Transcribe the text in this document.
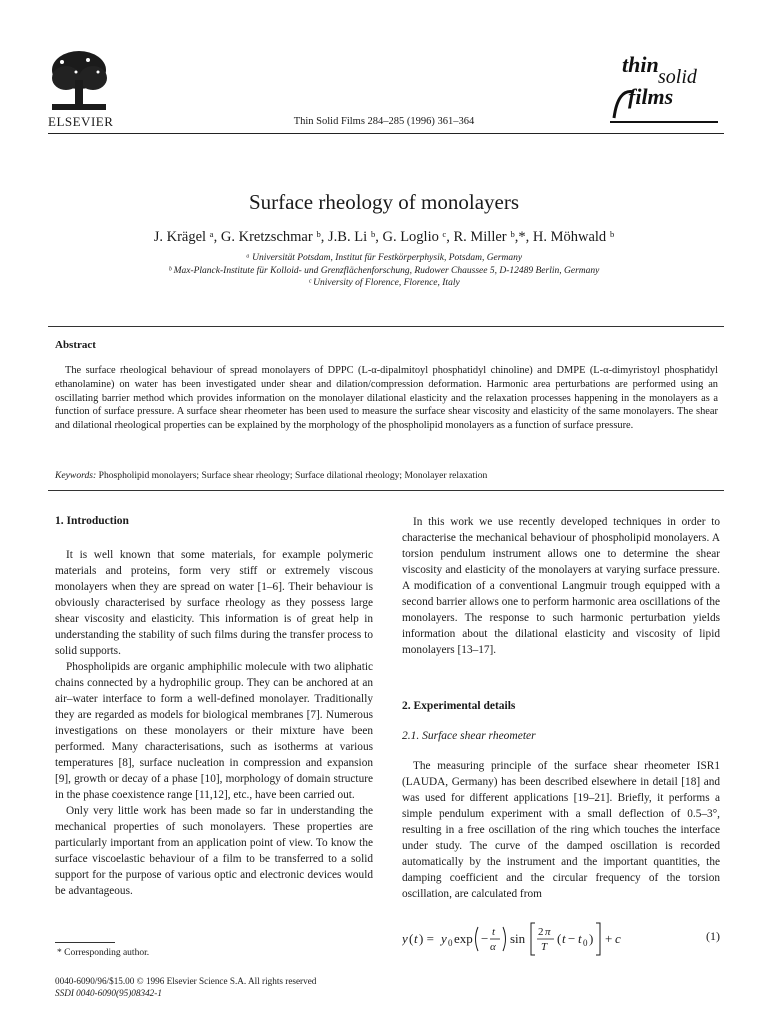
ELSEVIER	Thin Solid Films 284–285 (1996) 361–364
thin solid
films
Surface rheology of monolayers
J. Krägel ᵃ, G. Kretzschmar ᵇ, J.B. Li ᵇ, G. Loglio ᶜ, R. Miller ᵇ,*, H. Möhwald ᵇ
ᵃ Universität Potsdam, Institut für Festkörperphysik, Potsdam, Germany
ᵇ Max-Planck-Institute für Kolloid- und Grenzflächenforschung, Rudower Chaussee 5, D-12489 Berlin, Germany
ᶜ University of Florence, Florence, Italy
Abstract
The surface rheological behaviour of spread monolayers of DPPC (L-α-dipalmitoyl phosphatidyl chinoline) and DMPE (L-α-dimyristoyl phosphatidyl ethanolamine) on water has been investigated under shear and dilation/compression deformation. Harmonic area perturbations are performed using an oscillating barrier method which provides information on the monolayer dilational elasticity and the relaxation processes happening in the monolayers as a function of surface pressure. A surface shear rheometer has been used to measure the surface shear viscosity and elasticity of the same monolayers. The shear and dilational rheological properties can be explained by the morphology of the phospholipid monolayers as a function of surface pressure.
Keywords: Phospholipid monolayers; Surface shear rheology; Surface dilational rheology; Monolayer relaxation
1. Introduction

It is well known that some materials, for example polymeric materials and proteins, form very stiff or extremely viscous monolayers when they are spread on water [1–6]. Their behaviour is obviously characterised by surface rheology as they possess large shear viscosity and elasticity. This information is of great help in understanding the stability of such films during the transfer process to solid supports.

Phospholipids are organic amphiphilic molecule with two aliphatic chains connected by a hydrophilic group. They can be anchored at an air–water interface to form a well-defined monolayer. Traditionally they are regarded as models for biological membranes [7]. Numerous investigations on these monolayers or their mixture have been performed. Many characterisations, such as isotherms at various temperatures [8], surface nucleation in compression and expansion [9], growth or decay of a phase [10], morphology of domain structure in the phase coexistence range [11,12], etc., have been carried out.

Only very little work has been made so far in understanding the mechanical properties of such monolayers. These properties are particularly important from an application point of view. To know the surface viscoelastic behaviour of a film to be transferred to a solid support for the purpose of various optic and electronic devices would be advantageous.

* Corresponding author.
0040-6090/96/$15.00 © 1996 Elsevier Science S.A. All rights reserved
SSDI 0040-6090(95)08342-1

In this work we use recently developed techniques in order to characterise the mechanical behaviour of phospholipid monolayers. A torsion pendulum instrument allows one to determine the shear viscosity and elasticity of the monolayers at varying surface pressure. A modification of a conventional Langmuir trough equipped with a second barrier allows one to perform harmonic area oscillations of the monolayers. The response to such harmonic perturbation yields information about the dilational elasticity and viscosity of lipid monolayers [13–17].

2. Experimental details
2.1. Surface shear rheometer

The measuring principle of the surface shear rheometer ISR1 (LAUDA, Germany) has been described elsewhere in detail [18] and was used for different applications [19–21]. Briefly, it performs a simple pendulum experiment with a small deflection of 0.5–3°, resulting in a free oscillation of the ring which touches the interface under study. The curve of the damped oscillation is recorded automatically by the instrument and the important quantities, the damping coefficient and the circular frequency of the torsion oscillation, are calculated from

y ( t ) = y 0 exp − t
α
sin 2 π
T
( t − t 0 ) + c	(1)
